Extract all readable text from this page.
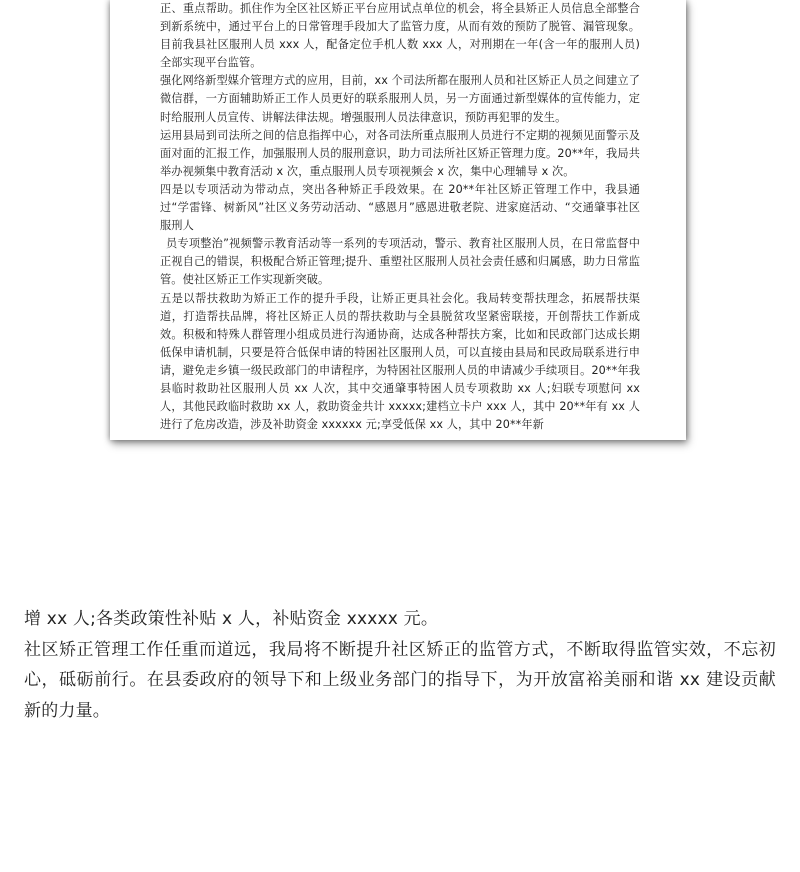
正、重点帮助。抓住作为全区社区矫正平台应用试点单位的机会，将全县矫正人员信息全部整合到新系统中，通过平台上的日常管理手段加大了监管力度，从而有效的预防了脱管、漏管现象。目前我县社区服刑人员 xxx 人，配备定位手机人数 xxx 人，对刑期在一年(含一年的服刑人员)全部实现平台监管。

强化网络新型媒介管理方式的应用，目前，xx 个司法所都在服刑人员和社区矫正人员之间建立了微信群，一方面辅助矫正工作人员更好的联系服刑人员，另一方面通过新型媒体的宣传能力，定时给服刑人员宣传、讲解法律法规。增强服刑人员法律意识，预防再犯罪的发生。

运用县局到司法所之间的信息指挥中心，对各司法所重点服刑人员进行不定期的视频见面警示及面对面的汇报工作，加强服刑人员的服刑意识，助力司法所社区矫正管理力度。20**年，我局共举办视频集中教育活动 x 次，重点服刑人员专项视频会 x 次，集中心理辅导 x 次。

四是以专项活动为带动点，突出各种矫正手段效果。在 20**年社区矫正管理工作中，我县通过“学雷锋、树新风”社区义务劳动活动、“感恩月”感恩进敬老院、进家庭活动、“交通肇事社区服刑人

员专项整治”视频警示教育活动等一系列的专项活动，警示、教育社区服刑人员，在日常监督中正视自己的错误，积极配合矫正管理;提升、重塑社区服刑人员社会责任感和归属感，助力日常监管。使社区矫正工作实现新突破。

五是以帮扶救助为矫正工作的提升手段，让矫正更具社会化。我局转变帮扶理念，拓展帮扶渠道，打造帮扶品牌，将社区矫正人员的帮扶救助与全县脱贫攻坚紧密联接，开创帮扶工作新成效。积极和特殊人群管理小组成员进行沟通协商，达成各种帮扶方案，比如和民政部门达成长期低保申请机制，只要是符合低保申请的特困社区服刑人员，可以直接由县局和民政局联系进行申请，避免走乡镇一级民政部门的申请程序，为特困社区服刑人员的申请减少手续项目。20**年我县临时救助社区服刑人员 xx 人次，其中交通肇事特困人员专项救助 xx 人;妇联专项慰问 xx 人，其他民政临时救助 xx 人，救助资金共计 xxxxx;建档立卡户 xxx 人，其中 20**年有 xx 人进行了危房改造，涉及补助资金 xxxxxx 元;享受低保 xx 人，其中 20**年新

增 xx 人;各类政策性补贴 x 人，补贴资金 xxxxx 元。

社区矫正管理工作任重而道远，我局将不断提升社区矫正的监管方式，不断取得监管实效，不忘初心，砥砺前行。在县委政府的领导下和上级业务部门的指导下，为开放富裕美丽和谐 xx 建设贡献新的力量。
